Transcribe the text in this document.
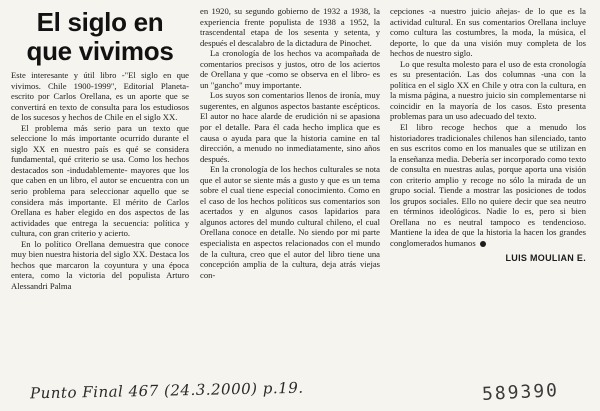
El siglo en
que vivimos

Este interesante y útil libro -"El siglo en que vivimos. Chile 1900-1999", Editorial Planeta- escrito por Carlos Orellana, es un aporte que se convertirá en texto de consulta para los estudiosos de los sucesos y hechos de Chile en el siglo XX.

El problema más serio para un texto que seleccione lo más importante ocurrido durante el siglo XX en nuestro país es qué se considera fundamental, qué criterio se usa. Como los hechos destacados son -indudablemente- mayores que los que caben en un libro, el autor se encuentra con un serio problema para seleccionar aquello que se considera más importante. El mérito de Carlos Orellana es haber elegido en dos aspectos de las actividades que entrega la secuencia: política y cultura, con gran criterio y acierto.

En lo político Orellana demuestra que conoce muy bien nuestra historia del siglo XX. Destaca los hechos que marcaron la coyuntura y una época entera, como la victoria del populista Arturo Alessandri Palma

en 1920, su segundo gobierno de 1932 a 1938, la experiencia frente populista de 1938 a 1952, la trascendental etapa de los sesenta y setenta, y después el descalabro de la dictadura de Pinochet.

La cronología de los hechos va acompañada de comentarios precisos y justos, otro de los aciertos de Orellana y que -como se observa en el libro- es un "gancho" muy importante.

Los suyos son comentarios llenos de ironía, muy sugerentes, en algunos aspectos bastante escépticos. El autor no hace alarde de erudición ni se apasiona por el detalle. Para él cada hecho implica que es causa o ayuda para que la historia camine en tal dirección, a menudo no inmediatamente, sino años después.

En la cronología de los hechos culturales se nota que el autor se siente más a gusto y que es un tema sobre el cual tiene especial conocimiento. Como en el caso de los hechos políticos sus comentarios son acertados y en algunos casos lapidarios para algunos actores del mundo cultural chileno, el cual Orellana conoce en detalle. No siendo por mi parte especialista en aspectos relacionados con el mundo de la cultura, creo que el autor del libro tiene una concepción amplia de la cultura, deja atrás viejas con-

cepciones -a nuestro juicio añejas- de lo que es la actividad cultural. En sus comentarios Orellana incluye como cultura las costumbres, la moda, la música, el deporte, lo que da una visión muy completa de los hechos de nuestro siglo.

Lo que resulta molesto para el uso de esta cronología es su presentación. Las dos columnas -una con la política en el siglo XX en Chile y otra con la cultura, en la misma página, a nuestro juicio sin complementarse ni coincidir en la mayoría de los casos. Esto presenta problemas para un uso adecuado del texto.

El libro recoge hechos que a menudo los historiadores tradicionales chilenos han silenciado, tanto en sus escritos como en los manuales que se utilizan en la enseñanza media. Debería ser incorporado como texto de consulta en nuestras aulas, porque aporta una visión con criterio amplio y recoge no sólo la mirada de un grupo social. Tiende a mostrar las posiciones de todos los grupos sociales. Ello no quiere decir que sea neutro en términos ideológicos. Nadie lo es, pero si bien Orellana no es neutral tampoco es tendencioso. Mantiene la idea de que la historia la hacen los grandes conglomerados humanos

LUIS MOULIAN E.
Punto Final 467 (24.3.2000) p.19.	589390
